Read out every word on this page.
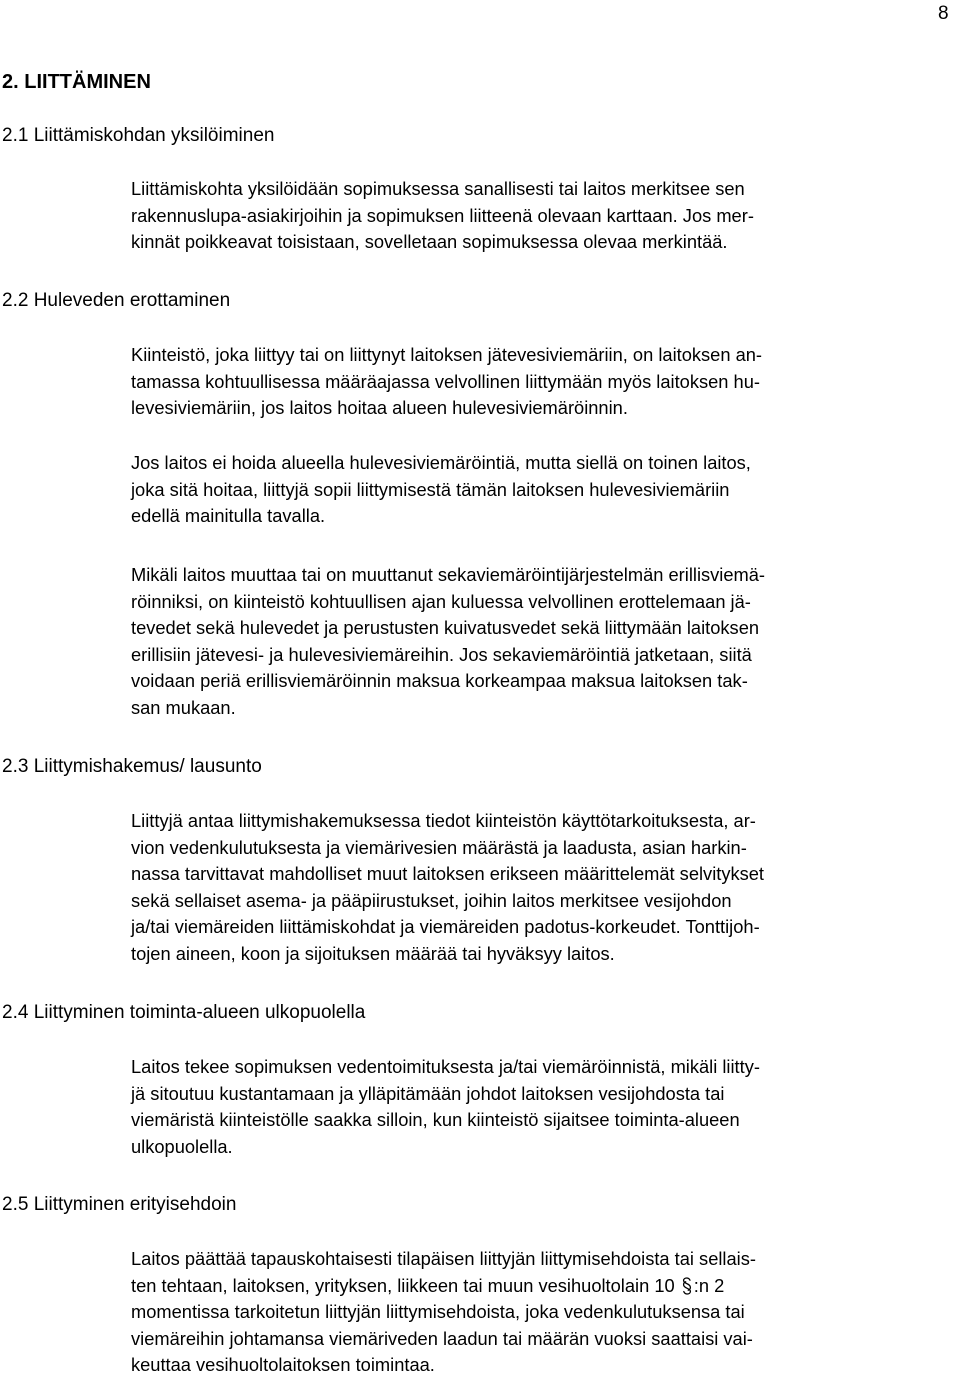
8
2. LIITTÄMINEN
2.1 Liittämiskohdan yksilöiminen

Liittämiskohta yksilöidään sopimuksessa sanallisesti tai laitos merkitsee sen
rakennuslupa-asiakirjoihin ja sopimuksen liitteenä olevaan karttaan. Jos mer-
kinnät poikkeavat toisistaan, sovelletaan sopimuksessa olevaa merkintää.

2.2 Huleveden erottaminen

Kiinteistö, joka liittyy tai on liittynyt laitoksen jätevesiviemäriin, on laitoksen an-
tamassa kohtuullisessa määräajassa velvollinen liittymään myös laitoksen hu-
levesiviemäriin, jos laitos hoitaa alueen hulevesiviemäröinnin.

Jos laitos ei hoida alueella hulevesiviemäröintiä, mutta siellä on toinen laitos,
joka sitä hoitaa, liittyjä sopii liittymisestä tämän laitoksen hulevesiviemäriin
edellä mainitulla tavalla.

Mikäli laitos muuttaa tai on muuttanut sekaviemäröintijärjestelmän erillisviemä-
röinniksi, on kiinteistö kohtuullisen ajan kuluessa velvollinen erottelemaan jä-
tevedet sekä hulevedet ja perustusten kuivatusvedet sekä liittymään laitoksen
erillisiin jätevesi- ja hulevesiviemäreihin. Jos sekaviemäröintiä jatketaan, siitä
voidaan periä erillisviemäröinnin maksua korkeampaa maksua laitoksen tak-
san mukaan.

2.3 Liittymishakemus/ lausunto

Liittyjä antaa liittymishakemuksessa tiedot kiinteistön käyttötarkoituksesta, ar-
vion vedenkulutuksesta ja viemärivesien määrästä ja laadusta, asian harkin-
nassa tarvittavat mahdolliset muut laitoksen erikseen määrittelemät selvitykset
sekä sellaiset asema- ja pääpiirustukset, joihin laitos merkitsee vesijohdon
ja/tai viemäreiden liittämiskohdat ja viemäreiden padotus-korkeudet. Tonttijoh-
tojen aineen, koon ja sijoituksen määrää tai hyväksyy laitos.

2.4 Liittyminen toiminta-alueen ulkopuolella

Laitos tekee sopimuksen vedentoimituksesta ja/tai viemäröinnistä, mikäli liitty-
jä sitoutuu kustantamaan ja ylläpitämään johdot laitoksen vesijohdosta tai
viemäristä kiinteistölle saakka silloin, kun kiinteistö sijaitsee toiminta-alueen
ulkopuolella.

2.5 Liittyminen erityisehdoin

Laitos päättää tapauskohtaisesti tilapäisen liittyjän liittymisehdoista tai sellais-
ten tehtaan, laitoksen, yrityksen, liikkeen tai muun vesihuoltolain 10 :n 2
momentissa tarkoitetun liittyjän liittymisehdoista, joka vedenkulutuksensa tai
viemäreihin johtamansa viemäriveden laadun tai määrän vuoksi saattaisi vai-
keuttaa vesihuoltolaitoksen toimintaa.
